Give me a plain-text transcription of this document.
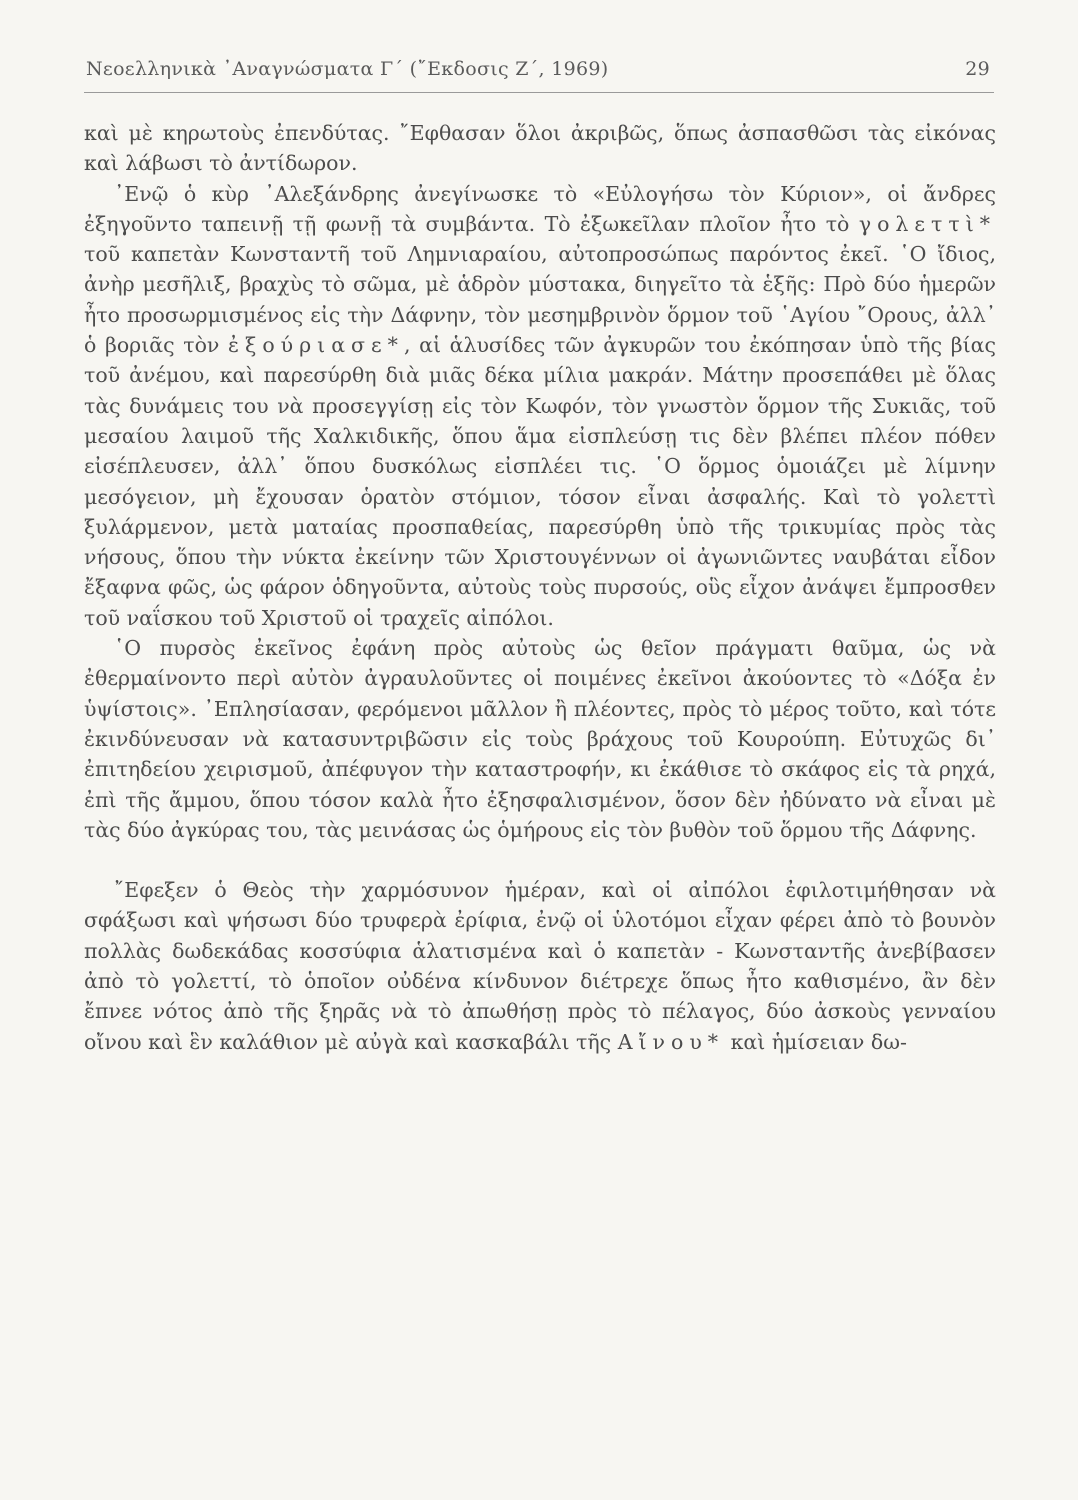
Νεοελληνικὰ ᾿Αναγνώσματα Γ´ (῎Εκδοσις Ζ´, 1969)	29

καὶ μὲ κηρωτοὺς ἐπενδύτας. ῎Εφθασαν ὅλοι ἀκριβῶς, ὅπως ἀσπασθῶσι τὰς εἰκόνας καὶ λάβωσι τὸ ἀντίδωρον.

᾿Ενῷ ὁ κὺρ ᾿Αλεξάνδρης ἀνεγίνωσκε τὸ «Εὐλογήσω τὸν Κύριον», οἱ ἄνδρες ἐξηγοῦντο ταπεινῇ τῇ φωνῇ τὰ συμβάντα. Τὸ ἐξωκεῖλαν πλοῖον ἦτο τὸ γολεττὶ* τοῦ καπετὰν Κωνσταντῆ τοῦ Λημνιαραίου, αὐτοπροσώπως παρόντος ἐκεῖ. ῾Ο ἴδιος, ἀνὴρ μεσῆλιξ, βραχὺς τὸ σῶμα, μὲ ἁδρὸν μύστακα, διηγεῖτο τὰ ἑξῆς: Πρὸ δύο ἡμερῶν ἦτο προσωρμισμένος εἰς τὴν Δάφνην, τὸν μεσημβρινὸν ὅρμον τοῦ ῾Αγίου ῎Ορους, ἀλλ᾿ ὁ βοριᾶς τὸν ἐξούριασε*, αἱ ἁλυσίδες τῶν ἀγκυρῶν του ἐκόπησαν ὑπὸ τῆς βίας τοῦ ἀνέμου, καὶ παρεσύρθη διὰ μιᾶς δέκα μίλια μακράν. Μάτην προσεπάθει μὲ ὅλας τὰς δυνάμεις του νὰ προσεγγίσῃ εἰς τὸν Κωφόν, τὸν γνωστὸν ὅρμον τῆς Συκιᾶς, τοῦ μεσαίου λαιμοῦ τῆς Χαλκιδικῆς, ὅπου ἅμα εἰσπλεύσῃ τις δὲν βλέπει πλέον πόθεν εἰσέπλευσεν, ἀλλ᾿ ὅπου δυσκόλως εἰσπλέει τις. ῾Ο ὅρμος ὁμοιάζει μὲ λίμνην μεσόγειον, μὴ ἔχουσαν ὁρατὸν στόμιον, τόσον εἶναι ἀσφαλής. Καὶ τὸ γολεττὶ ξυλάρμενον, μετὰ ματαίας προσπαθείας, παρεσύρθη ὑπὸ τῆς τρικυμίας πρὸς τὰς νήσους, ὅπου τὴν νύκτα ἐκείνην τῶν Χριστουγέννων οἱ ἀγωνιῶντες ναυβάται εἶδον ἔξαφνα φῶς, ὡς φάρον ὁδηγοῦντα, αὐτοὺς τοὺς πυρσούς, οὓς εἶχον ἀνάψει ἔμπροσθεν τοῦ ναΐσκου τοῦ Χριστοῦ οἱ τραχεῖς αἰπόλοι.

῾Ο πυρσὸς ἐκεῖνος ἐφάνη πρὸς αὐτοὺς ὡς θεῖον πράγματι θαῦμα, ὡς νὰ ἐθερμαίνοντο περὶ αὐτὸν ἀγραυλοῦντες οἱ ποιμένες ἐκεῖνοι ἀκούοντες τὸ «Δόξα ἐν ὑψίστοις». ᾿Επλησίασαν, φερόμενοι μᾶλλον ἢ πλέοντες, πρὸς τὸ μέρος τοῦτο, καὶ τότε ἐκινδύνευσαν νὰ κατασυντριβῶσιν εἰς τοὺς βράχους τοῦ Κουρούπη. Εὐτυχῶς δι᾿ ἐπιτηδείου χειρισμοῦ, ἀπέφυγον τὴν καταστροφήν, κι ἐκάθισε τὸ σκάφος εἰς τὰ ρηχά, ἐπὶ τῆς ἄμμου, ὅπου τόσον καλὰ ἦτο ἐξησφαλισμένον, ὅσον δὲν ἠδύνατο νὰ εἶναι μὲ τὰς δύο ἀγκύρας του, τὰς μεινάσας ὡς ὁμήρους εἰς τὸν βυθὸν τοῦ ὅρμου τῆς Δάφνης.

῎Εφεξεν ὁ Θεὸς τὴν χαρμόσυνον ἡμέραν, καὶ οἱ αἰπόλοι ἐφιλοτιμήθησαν νὰ σφάξωσι καὶ ψήσωσι δύο τρυφερὰ ἐρίφια, ἐνῷ οἱ ὑλοτόμοι εἶχαν φέρει ἀπὸ τὸ βουνὸν πολλὰς δωδεκάδας κοσσύφια ἁλατισμένα καὶ ὁ καπετὰν - Κωνσταντῆς ἀνεβίβασεν ἀπὸ τὸ γολεττί, τὸ ὁποῖον οὐδένα κίνδυνον διέτρεχε ὅπως ἦτο καθισμένο, ἂν δὲν ἔπνεε νότος ἀπὸ τῆς ξηρᾶς νὰ τὸ ἀπωθήσῃ πρὸς τὸ πέλαγος, δύο ἀσκοὺς γενναίου οἴνου καὶ ἓν καλάθιον μὲ αὐγὰ καὶ κασκαβάλι τῆς Αἴνου* καὶ ἡμίσειαν δω-
